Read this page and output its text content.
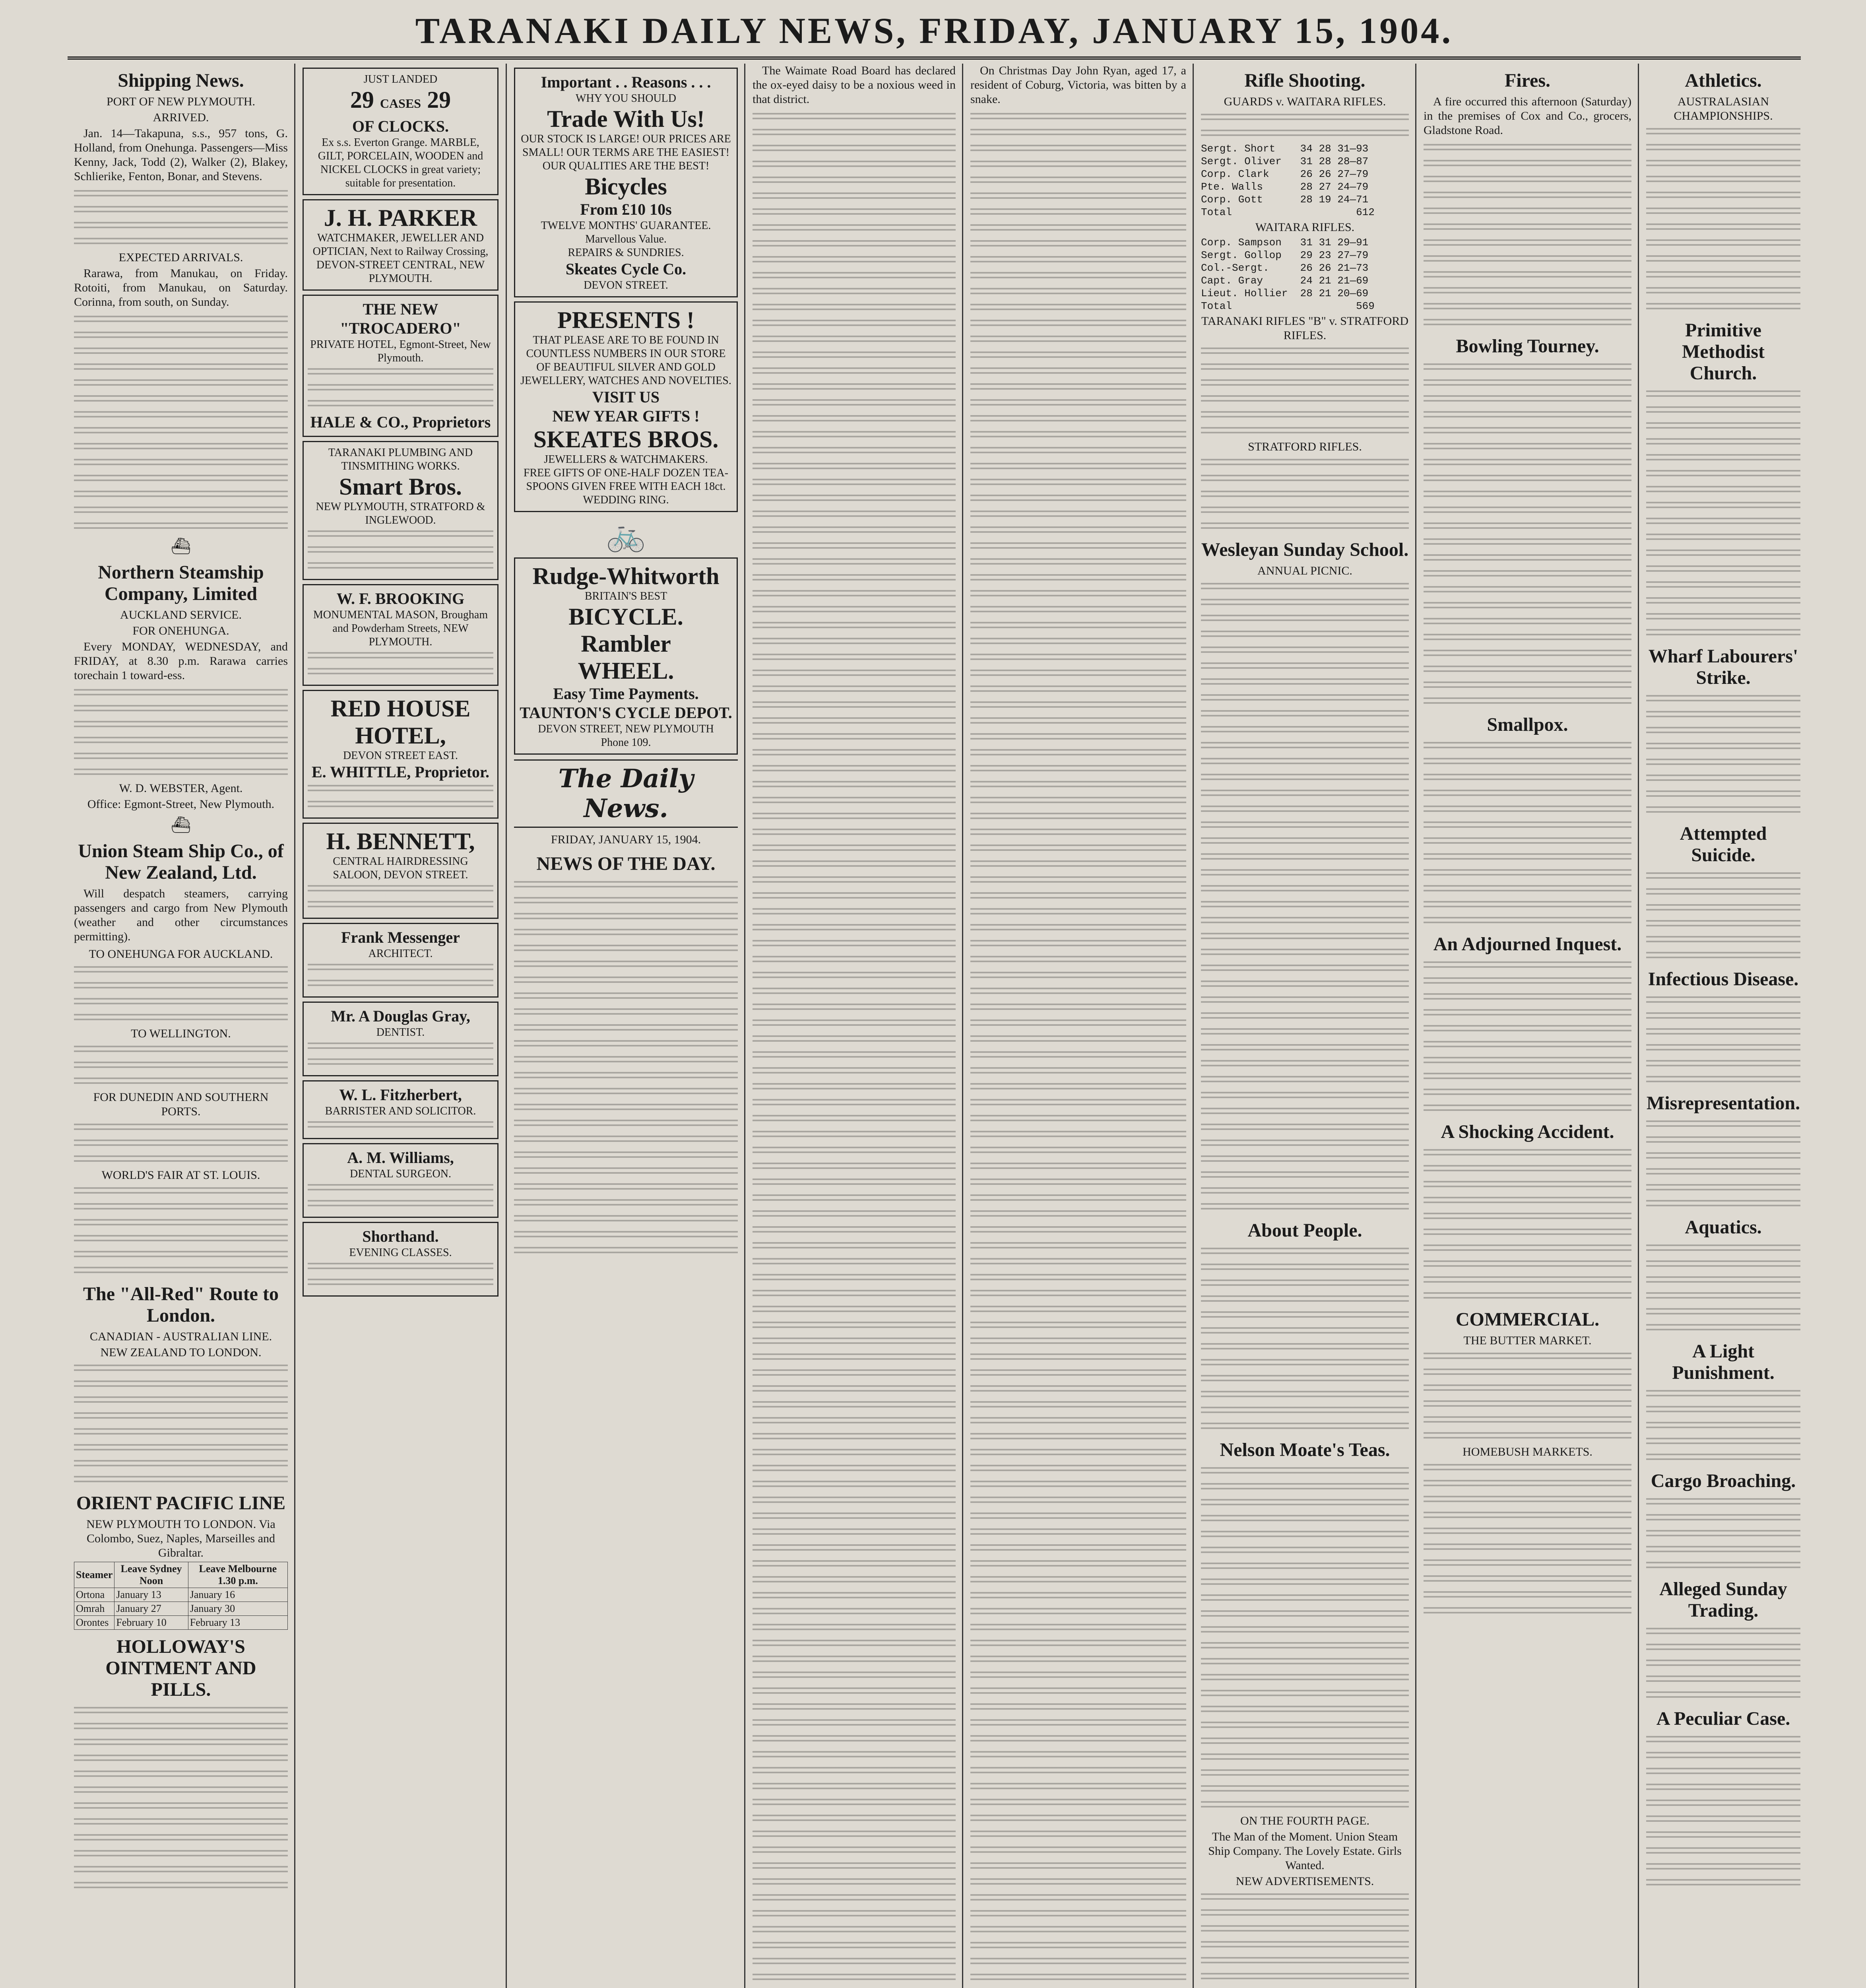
TARANAKI DAILY NEWS, FRIDAY, JANUARY 15, 1904.
Shipping News.
PORT OF NEW PLYMOUTH.
ARRIVED.
Jan. 14—Takapuna, s.s., 957 tons, G. Holland, from Onehunga. Passengers—Miss Kenny, Jack, Todd (2), Walker (2), Blakey, Schlierike, Fenton, Bonar, and Stevens.
EXPECTED ARRIVALS.
Rarawa, from Manukau, on Friday. Rotoiti, from Manukau, on Saturday. Corinna, from south, on Sunday.
⛴
Northern Steamship Company, Limited
AUCKLAND SERVICE.
FOR ONEHUNGA.
Every MONDAY, WEDNESDAY, and FRIDAY, at 8.30 p.m. Rarawa carries torechain 1 toward-ess.
W. D. WEBSTER, Agent.
Office: Egmont-Street, New Plymouth.
⛴
Union Steam Ship Co., of New Zealand, Ltd.
Will despatch steamers, carrying passengers and cargo from New Plymouth (weather and other circumstances permitting).
TO ONEHUNGA FOR AUCKLAND.
TO WELLINGTON.
FOR DUNEDIN AND SOUTHERN PORTS.
WORLD'S FAIR AT ST. LOUIS.
The "All-Red" Route to London.
CANADIAN - AUSTRALIAN LINE.
NEW ZEALAND TO LONDON.
ORIENT PACIFIC LINE
NEW PLYMOUTH TO LONDON. Via Colombo, Suez, Naples, Marseilles and Gibraltar.
Steamer	Leave Sydney Noon	Leave Melbourne 1.30 p.m.
Ortona	January 13	January 16
Omrah	January 27	January 30
Orontes	February 10	February 13
HOLLOWAY'S OINTMENT AND PILLS.
JUST LANDED
29 CASES 29
OF CLOCKS.
Ex s.s. Everton Grange. MARBLE, GILT, PORCELAIN, WOODEN and NICKEL CLOCKS in great variety; suitable for presentation.
J. H. PARKER
WATCHMAKER, JEWELLER AND OPTICIAN, Next to Railway Crossing, DEVON-STREET CENTRAL, NEW PLYMOUTH.
THE NEW "TROCADERO"
PRIVATE HOTEL, Egmont-Street, New Plymouth.
HALE & CO., Proprietors
TARANAKI PLUMBING AND TINSMITHING WORKS.
Smart Bros.
NEW PLYMOUTH, STRATFORD & INGLEWOOD.
W. F. BROOKING
MONUMENTAL MASON, Brougham and Powderham Streets, NEW PLYMOUTH.
RED HOUSE HOTEL,
DEVON STREET EAST.
E. WHITTLE, Proprietor.
H. BENNETT,
CENTRAL HAIRDRESSING SALOON, DEVON STREET.
Frank Messenger
ARCHITECT.
Mr. A Douglas Gray,
DENTIST.
W. L. Fitzherbert,
BARRISTER AND SOLICITOR.
A. M. Williams,
DENTAL SURGEON.
Shorthand.
EVENING CLASSES.
Important . . Reasons . . .
WHY YOU SHOULD
Trade With Us!
OUR STOCK IS LARGE! OUR PRICES ARE SMALL! OUR TERMS ARE THE EASIEST! OUR QUALITIES ARE THE BEST!
Bicycles
From £10 10s
TWELVE MONTHS' GUARANTEE.
Marvellous Value.
REPAIRS & SUNDRIES.
Skeates Cycle Co.
DEVON STREET.
PRESENTS !
THAT PLEASE ARE TO BE FOUND IN COUNTLESS NUMBERS IN OUR STORE OF BEAUTIFUL SILVER AND GOLD JEWELLERY, WATCHES AND NOVELTIES.
VISIT US
NEW YEAR GIFTS !
SKEATES BROS.
JEWELLERS & WATCHMAKERS.
FREE GIFTS OF ONE-HALF DOZEN TEA-SPOONS GIVEN FREE WITH EACH 18ct. WEDDING RING.
🚲
Rudge-Whitworth
BRITAIN'S BEST
BICYCLE.
Rambler
WHEEL.
Easy Time Payments.
TAUNTON'S CYCLE DEPOT.
DEVON STREET, NEW PLYMOUTH
Phone 109.
The Daily News.
FRIDAY, JANUARY 15, 1904.
NEWS OF THE DAY.
The Waimate Road Board has declared the ox-eyed daisy to be a noxious weed in that district.
On Christmas Day John Ryan, aged 17, a resident of Coburg, Victoria, was bitten by a snake.
Rifle Shooting.
GUARDS v. WAITARA RIFLES.
Sergt. Short    34 28 31—93
Sergt. Oliver   31 28 28—87
Corp. Clark     26 26 27—79
Pte. Walls      28 27 24—79
Corp. Gott      28 19 24—71
Total                    612
WAITARA RIFLES.
Corp. Sampson   31 31 29—91
Sergt. Gollop   29 23 27—79
Col.-Sergt.     26 26 21—73
Capt. Gray      24 21 21—69
Lieut. Hollier  28 21 20—69
Total                    569
TARANAKI RIFLES "B" v. STRATFORD RIFLES.
STRATFORD RIFLES.
Wesleyan Sunday School.
ANNUAL PICNIC.
About People.
Nelson Moate's Teas.
ON THE FOURTH PAGE.
The Man of the Moment. Union Steam Ship Company. The Lovely Estate. Girls Wanted.
NEW ADVERTISEMENTS.
Fires.
A fire occurred this afternoon (Saturday) in the premises of Cox and Co., grocers, Gladstone Road.
Bowling Tourney.
Smallpox.
An Adjourned Inquest.
A Shocking Accident.
COMMERCIAL.
THE BUTTER MARKET.
HOMEBUSH MARKETS.
Athletics.
AUSTRALASIAN CHAMPIONSHIPS.
Primitive Methodist Church.
Wharf Labourers' Strike.
Attempted Suicide.
Infectious Disease.
Misrepresentation.
Aquatics.
A Light Punishment.
Cargo Broaching.
Alleged Sunday Trading.
A Peculiar Case.
